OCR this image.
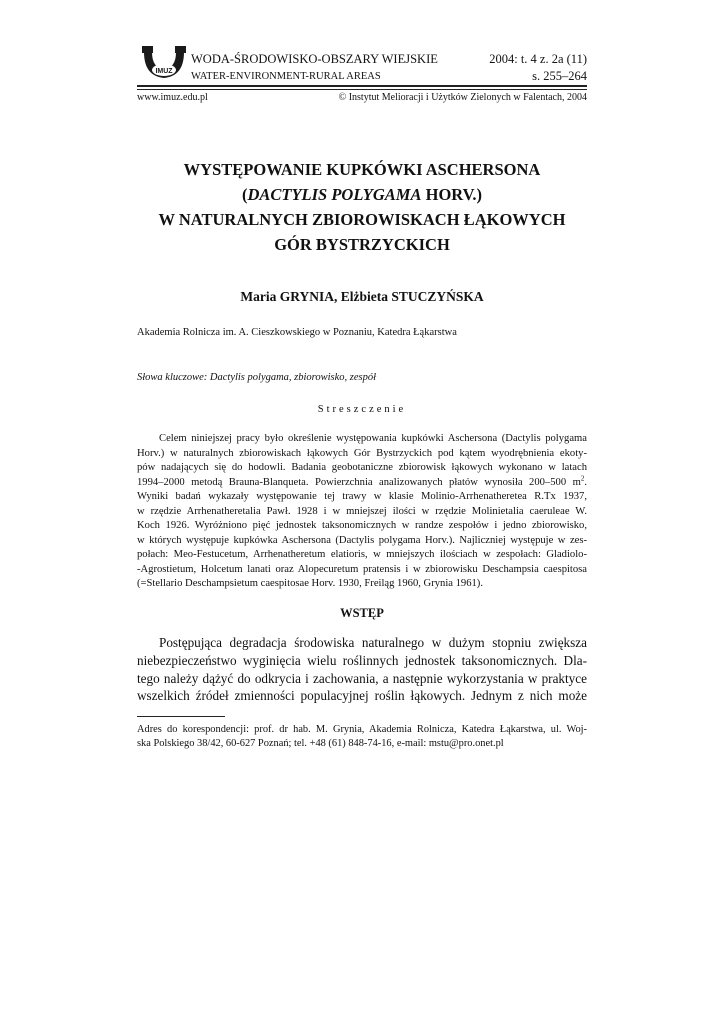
IMUZ
WODA-ŚRODOWISKO-OBSZARY WIEJSKIE
WATER-ENVIRONMENT-RURAL AREAS
2004: t. 4 z. 2a (11)
s. 255–264
www.imuz.edu.pl	© Instytut Melioracji i Użytków Zielonych w Falentach, 2004
WYSTĘPOWANIE KUPKÓWKI ASCHERSONA
(DACTYLIS POLYGAMA HORV.)
W NATURALNYCH ZBIOROWISKACH ŁĄKOWYCH
GÓR BYSTRZYCKICH
Maria GRYNIA, Elżbieta STUCZYŃSKA
Akademia Rolnicza im. A. Cieszkowskiego w Poznaniu, Katedra Łąkarstwa
Słowa kluczowe: Dactylis polygama, zbiorowisko, zespół
Streszczenie
Celem niniejszej pracy było określenie występowania kupkówki Aschersona (Dactylis polygama
Horv.) w naturalnych zbiorowiskach łąkowych Gór Bystrzyckich pod kątem wyodrębnienia ekoty-
pów nadających się do hodowli. Badania geobotaniczne zbiorowisk łąkowych wykonano w latach
1994–2000 metodą Brauna-Blanqueta. Powierzchnia analizowanych płatów wynosiła 200–500 $m^2$.
Wyniki badań wykazały występowanie tej trawy w klasie Molinio-Arrhenatheretea R.Tx 1937,
w rzędzie Arrhenatheretalia Pawł. 1928 i w mniejszej ilości w rzędzie Molinietalia caeruleae W.
Koch 1926. Wyróżniono pięć jednostek taksonomicznych w randze zespołów i jedno zbiorowisko,
w których występuje kupkówka Aschersona (Dactylis polygama Horv.). Najliczniej występuje w zes-
połach: Meo-Festucetum, Arrhenatheretum elatioris, w mniejszych ilościach w zespołach: Gladiolo-
-Agrostietum, Holcetum lanati oraz Alopecuretum pratensis i w zbiorowisku Deschampsia caespitosa
(=Stellario Deschampsietum caespitosae Horv. 1930, Freiląg 1960, Grynia 1961).
WSTĘP
Postępująca degradacja środowiska naturalnego w dużym stopniu zwiększa
niebezpieczeństwo wyginięcia wielu roślinnych jednostek taksonomicznych. Dla-
tego należy dążyć do odkrycia i zachowania, a następnie wykorzystania w praktyce
wszelkich źródeł zmienności populacyjnej roślin łąkowych. Jednym z nich może
Adres do korespondencji: prof. dr hab. M. Grynia, Akademia Rolnicza, Katedra Łąkarstwa, ul. Woj-
ska Polskiego 38/42, 60-627 Poznań; tel. +48 (61) 848-74-16, e-mail: mstu@pro.onet.pl
